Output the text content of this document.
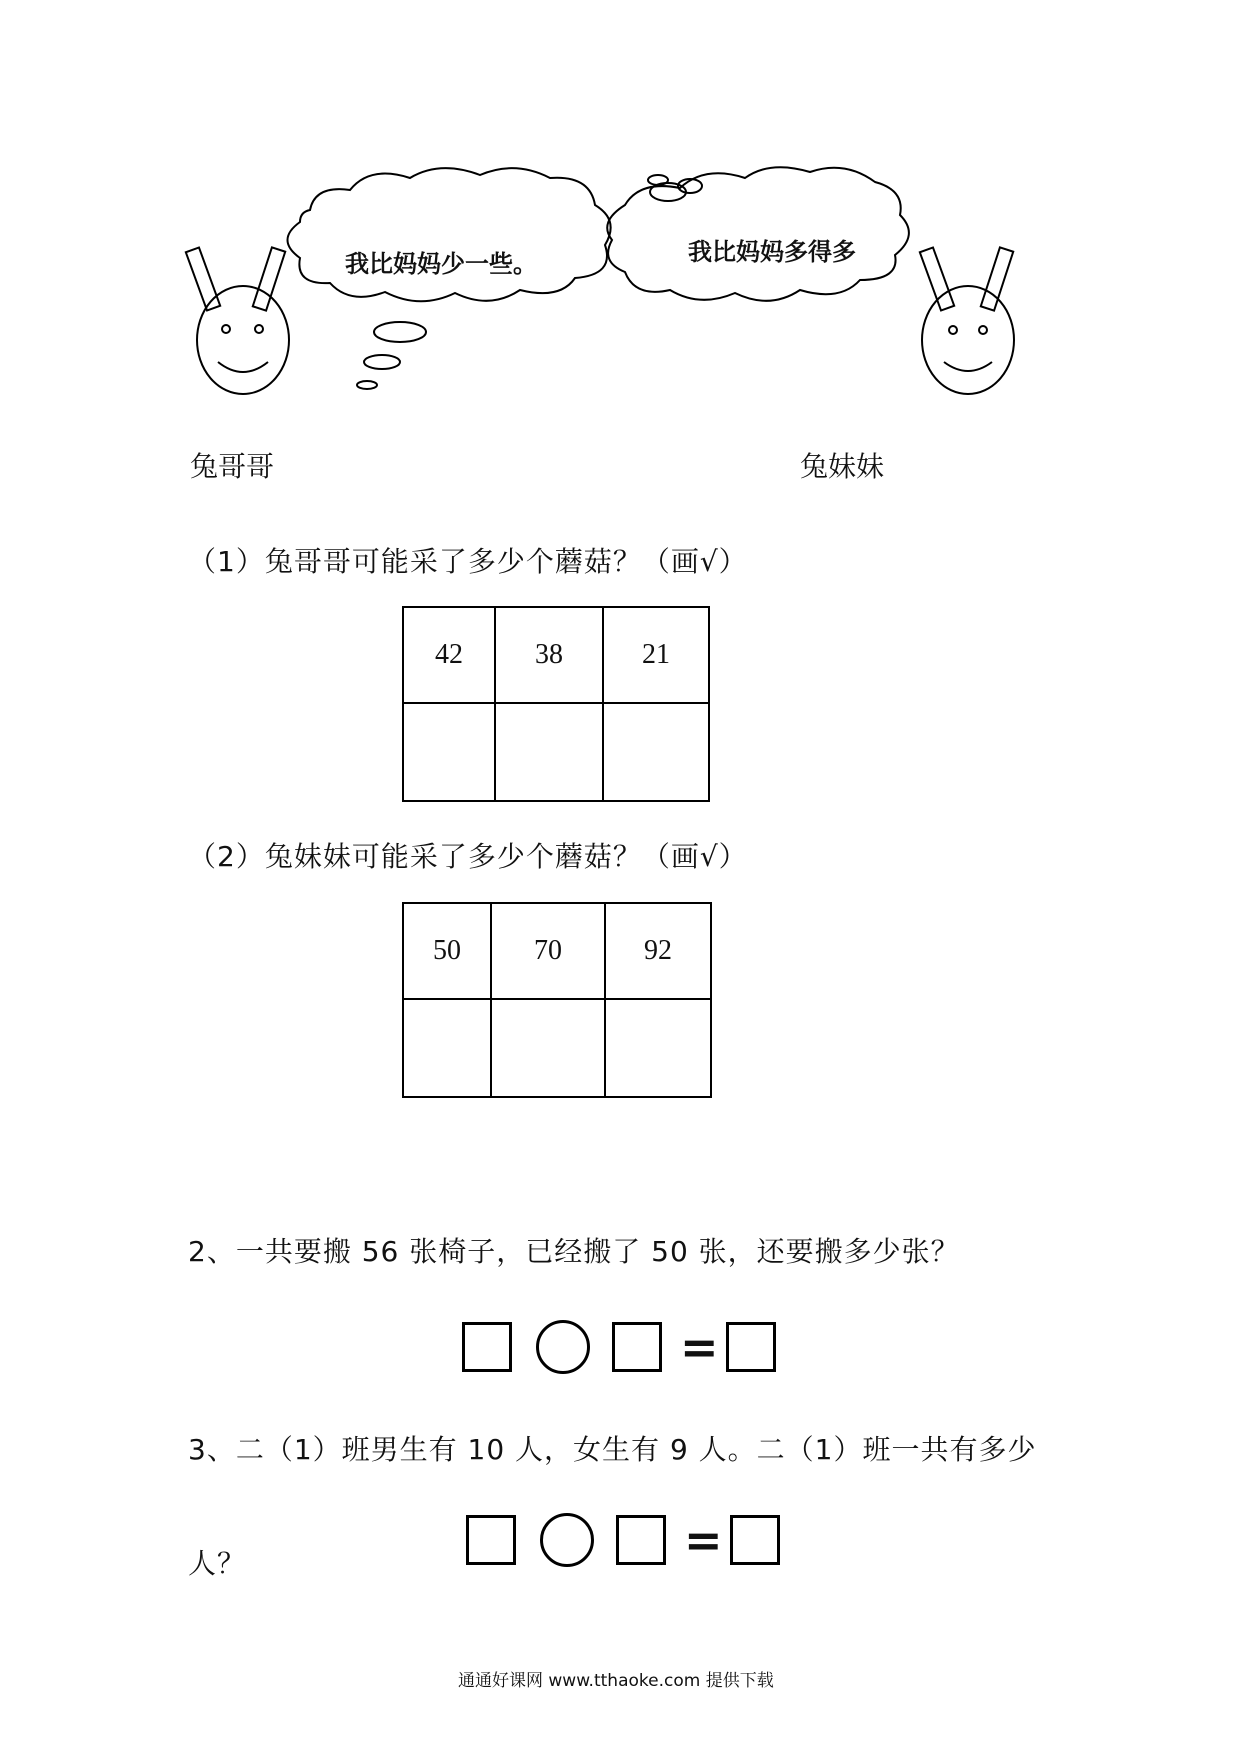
我比妈妈少一些。	我比妈妈多得多
兔哥哥	兔妹妹
（1）兔哥哥可能采了多少个蘑菇？（画√）
42	38	21

（2）兔妹妹可能采了多少个蘑菇？（画√）
50	70	92

2、一共要搬 56 张椅子，已经搬了 50 张，还要搬多少张？
=
3、二（1）班男生有 10 人，女生有 9 人。二（1）班一共有多少
人？	=
通通好课网 www.tthaoke.com 提供下载
